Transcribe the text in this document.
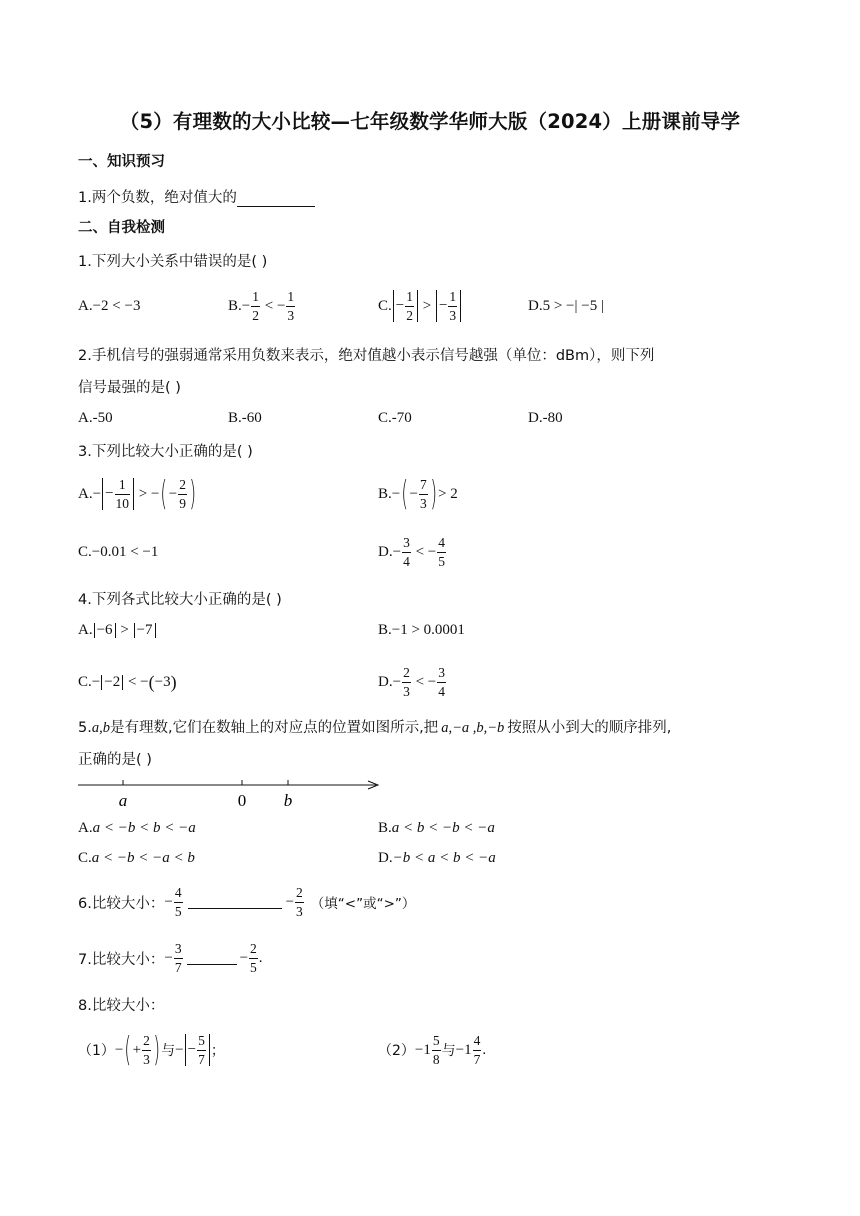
（5）有理数的大小比较—七年级数学华师大版（2024）上册课前导学
一、知识预习
1.两个负数，绝对值大的
二、自我检测
1.下列大小关系中错误的是( )
A. −2 < −3	B. − $\frac{1}{2}$ < − $\frac{1}{3}$	C. − $\frac{1}{2}$ > − $\frac{1}{3}$	D. 5 > −| −5 |
2.手机信号的强弱通常采用负数来表示，绝对值越小表示信号越强（单位：dBm），则下列
信号最强的是( )
A.-50	B.-60	C.-70	D.-80
3.下列比较大小正确的是( )
A. − − $\frac{1}{10}$ > − ( − $\frac{2}{9}$ )	B. − ( − $\frac{7}{3}$ ) > 2
C. −0.01 < −1	D. − $\frac{3}{4}$ < − $\frac{4}{5}$
4.下列各式比较大小正确的是( )
A. −6 > −7	B. −1 > 0.0001
C. − −2 < − ( −3 )	D. − $\frac{2}{3}$ < − $\frac{3}{4}$
5.a,b是有理数,它们在数轴上的对应点的位置如图所示,把 a,−a ,b,−b 按照从小到大的顺序排列,
正确的是( )
a	0 b
A. a < −b < b < −a	B. a < b < −b < −a
C. a < −b < −a < b	D. −b < a < b < −a
6.比较大小： − $\frac{4}{5}$	− $\frac{2}{3}$ （填“<”或“>”）
7.比较大小： − $\frac{3}{7}$	− $\frac{2}{5}$ .
8.比较大小：
（1） − ( + $\frac{2}{3}$ ) 与 − − $\frac{5}{7}$ ；	$(2) -1 \frac{5}{8}$ 与 $-1 \frac{4}{7}$ .
